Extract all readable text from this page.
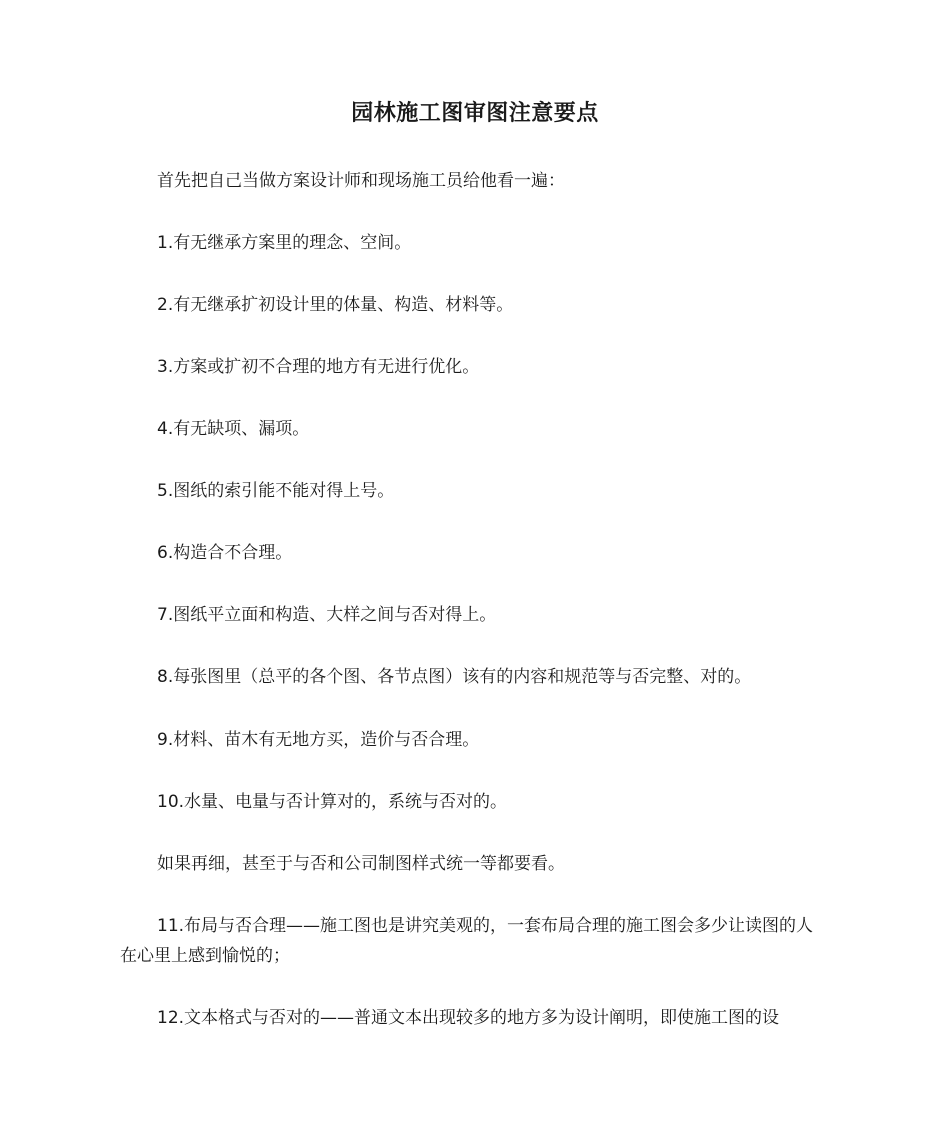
园林施工图审图注意要点

首先把自己当做方案设计师和现场施工员给他看一遍：

1.有无继承方案里的理念、空间。

2.有无继承扩初设计里的体量、构造、材料等。

3.方案或扩初不合理的地方有无进行优化。

4.有无缺项、漏项。

5.图纸的索引能不能对得上号。

6.构造合不合理。

7.图纸平立面和构造、大样之间与否对得上。

8.每张图里（总平的各个图、各节点图）该有的内容和规范等与否完整、对的。

9.材料、苗木有无地方买，造价与否合理。

10.水量、电量与否计算对的，系统与否对的。

如果再细，甚至于与否和公司制图样式统一等都要看。

11.布局与否合理——施工图也是讲究美观的，一套布局合理的施工图会多少让读图的人在心里上感到愉悦的；

12.文本格式与否对的——普通文本出现较多的地方多为设计阐明，即使施工图的设
